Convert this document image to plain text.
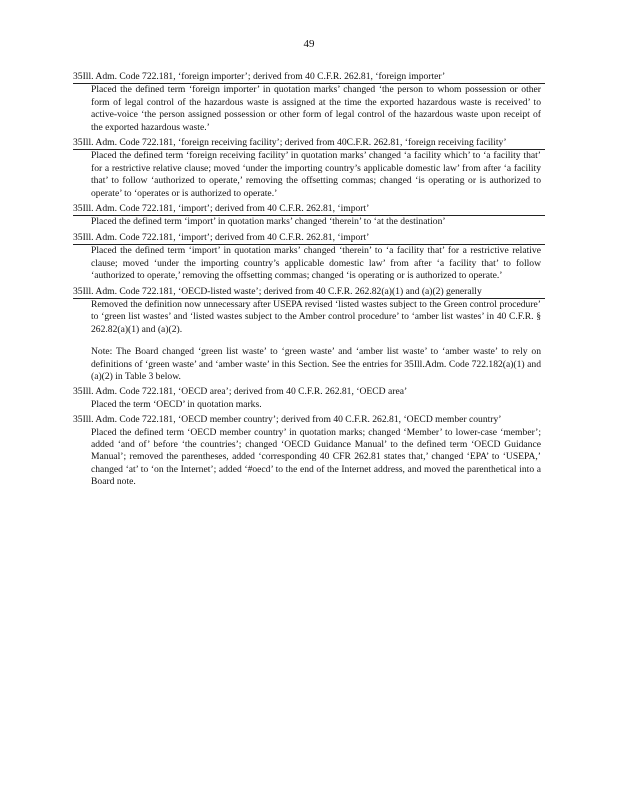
49
35Ill. Adm. Code 722.181, ‘foreign importer’; derived from 40 C.F.R. 262.81, ‘foreign importer’
Placed the defined term ‘foreign importer’ in quotation marks’ changed ‘the person to whom possession or other form of legal control of the hazardous waste is assigned at the time the exported hazardous waste is received’ to active-voice ‘the person assigned possession or other form of legal control of the hazardous waste upon receipt of the exported hazardous waste.’
35Ill. Adm. Code 722.181, ‘foreign receiving facility’; derived from 40C.F.R. 262.81, ‘foreign receiving facility’
Placed the defined term ‘foreign receiving facility’ in quotation marks’ changed ‘a facility which’ to ‘a facility that’ for a restrictive relative clause; moved ‘under the importing country’s applicable domestic law’ from after ‘a facility that’ to follow ‘authorized to operate,’ removing the offsetting commas; changed ‘is operating or is authorized to operate’ to ‘operates or is authorized to operate.’
35Ill. Adm. Code 722.181, ‘import’; derived from 40 C.F.R. 262.81, ‘import’
Placed the defined term ‘import’ in quotation marks’ changed ‘therein’ to ‘at the destination’
35Ill. Adm. Code 722.181, ‘import’; derived from 40 C.F.R. 262.81, ‘import’
Placed the defined term ‘import’ in quotation marks’ changed ‘therein’ to ‘a facility that’ for a restrictive relative clause; moved ‘under the importing country’s applicable domestic law’ from after ‘a facility that’ to follow ‘authorized to operate,’ removing the offsetting commas; changed ‘is operating or is authorized to operate.’
35Ill. Adm. Code 722.181, ‘OECD-listed waste’; derived from 40 C.F.R. 262.82(a)(1) and (a)(2) generally
Removed the definition now unnecessary after USEPA revised ‘listed wastes subject to the Green control procedure’ to ‘green list wastes’ and ‘listed wastes subject to the Amber control procedure’ to ‘amber list wastes’ in 40 C.F.R. § 262.82(a)(1) and (a)(2).
Note: The Board changed ‘green list waste’ to ‘green waste’ and ‘amber list waste’ to ‘amber waste’ to rely on definitions of ‘green waste’ and ‘amber waste’ in this Section. See the entries for 35Ill.Adm. Code 722.182(a)(1) and (a)(2) in Table 3 below.
35Ill. Adm. Code 722.181, ‘OECD area’; derived from 40 C.F.R. 262.81, ‘OECD area’
Placed the term ‘OECD’ in quotation marks.
35Ill. Adm. Code 722.181, ‘OECD member country’; derived from 40 C.F.R. 262.81, ‘OECD member country’
Placed the defined term ‘OECD member country’ in quotation marks; changed ‘Member’ to lower-case ‘member’; added ‘and of’ before ‘the countries’; changed ‘OECD Guidance Manual’ to the defined term ‘OECD Guidance Manual’; removed the parentheses, added ‘corresponding 40 CFR 262.81 states that,’ changed ‘EPA’ to ‘USEPA,’ changed ‘at’ to ‘on the Internet’; added ‘#oecd’ to the end of the Internet address, and moved the parenthetical into a Board note.
